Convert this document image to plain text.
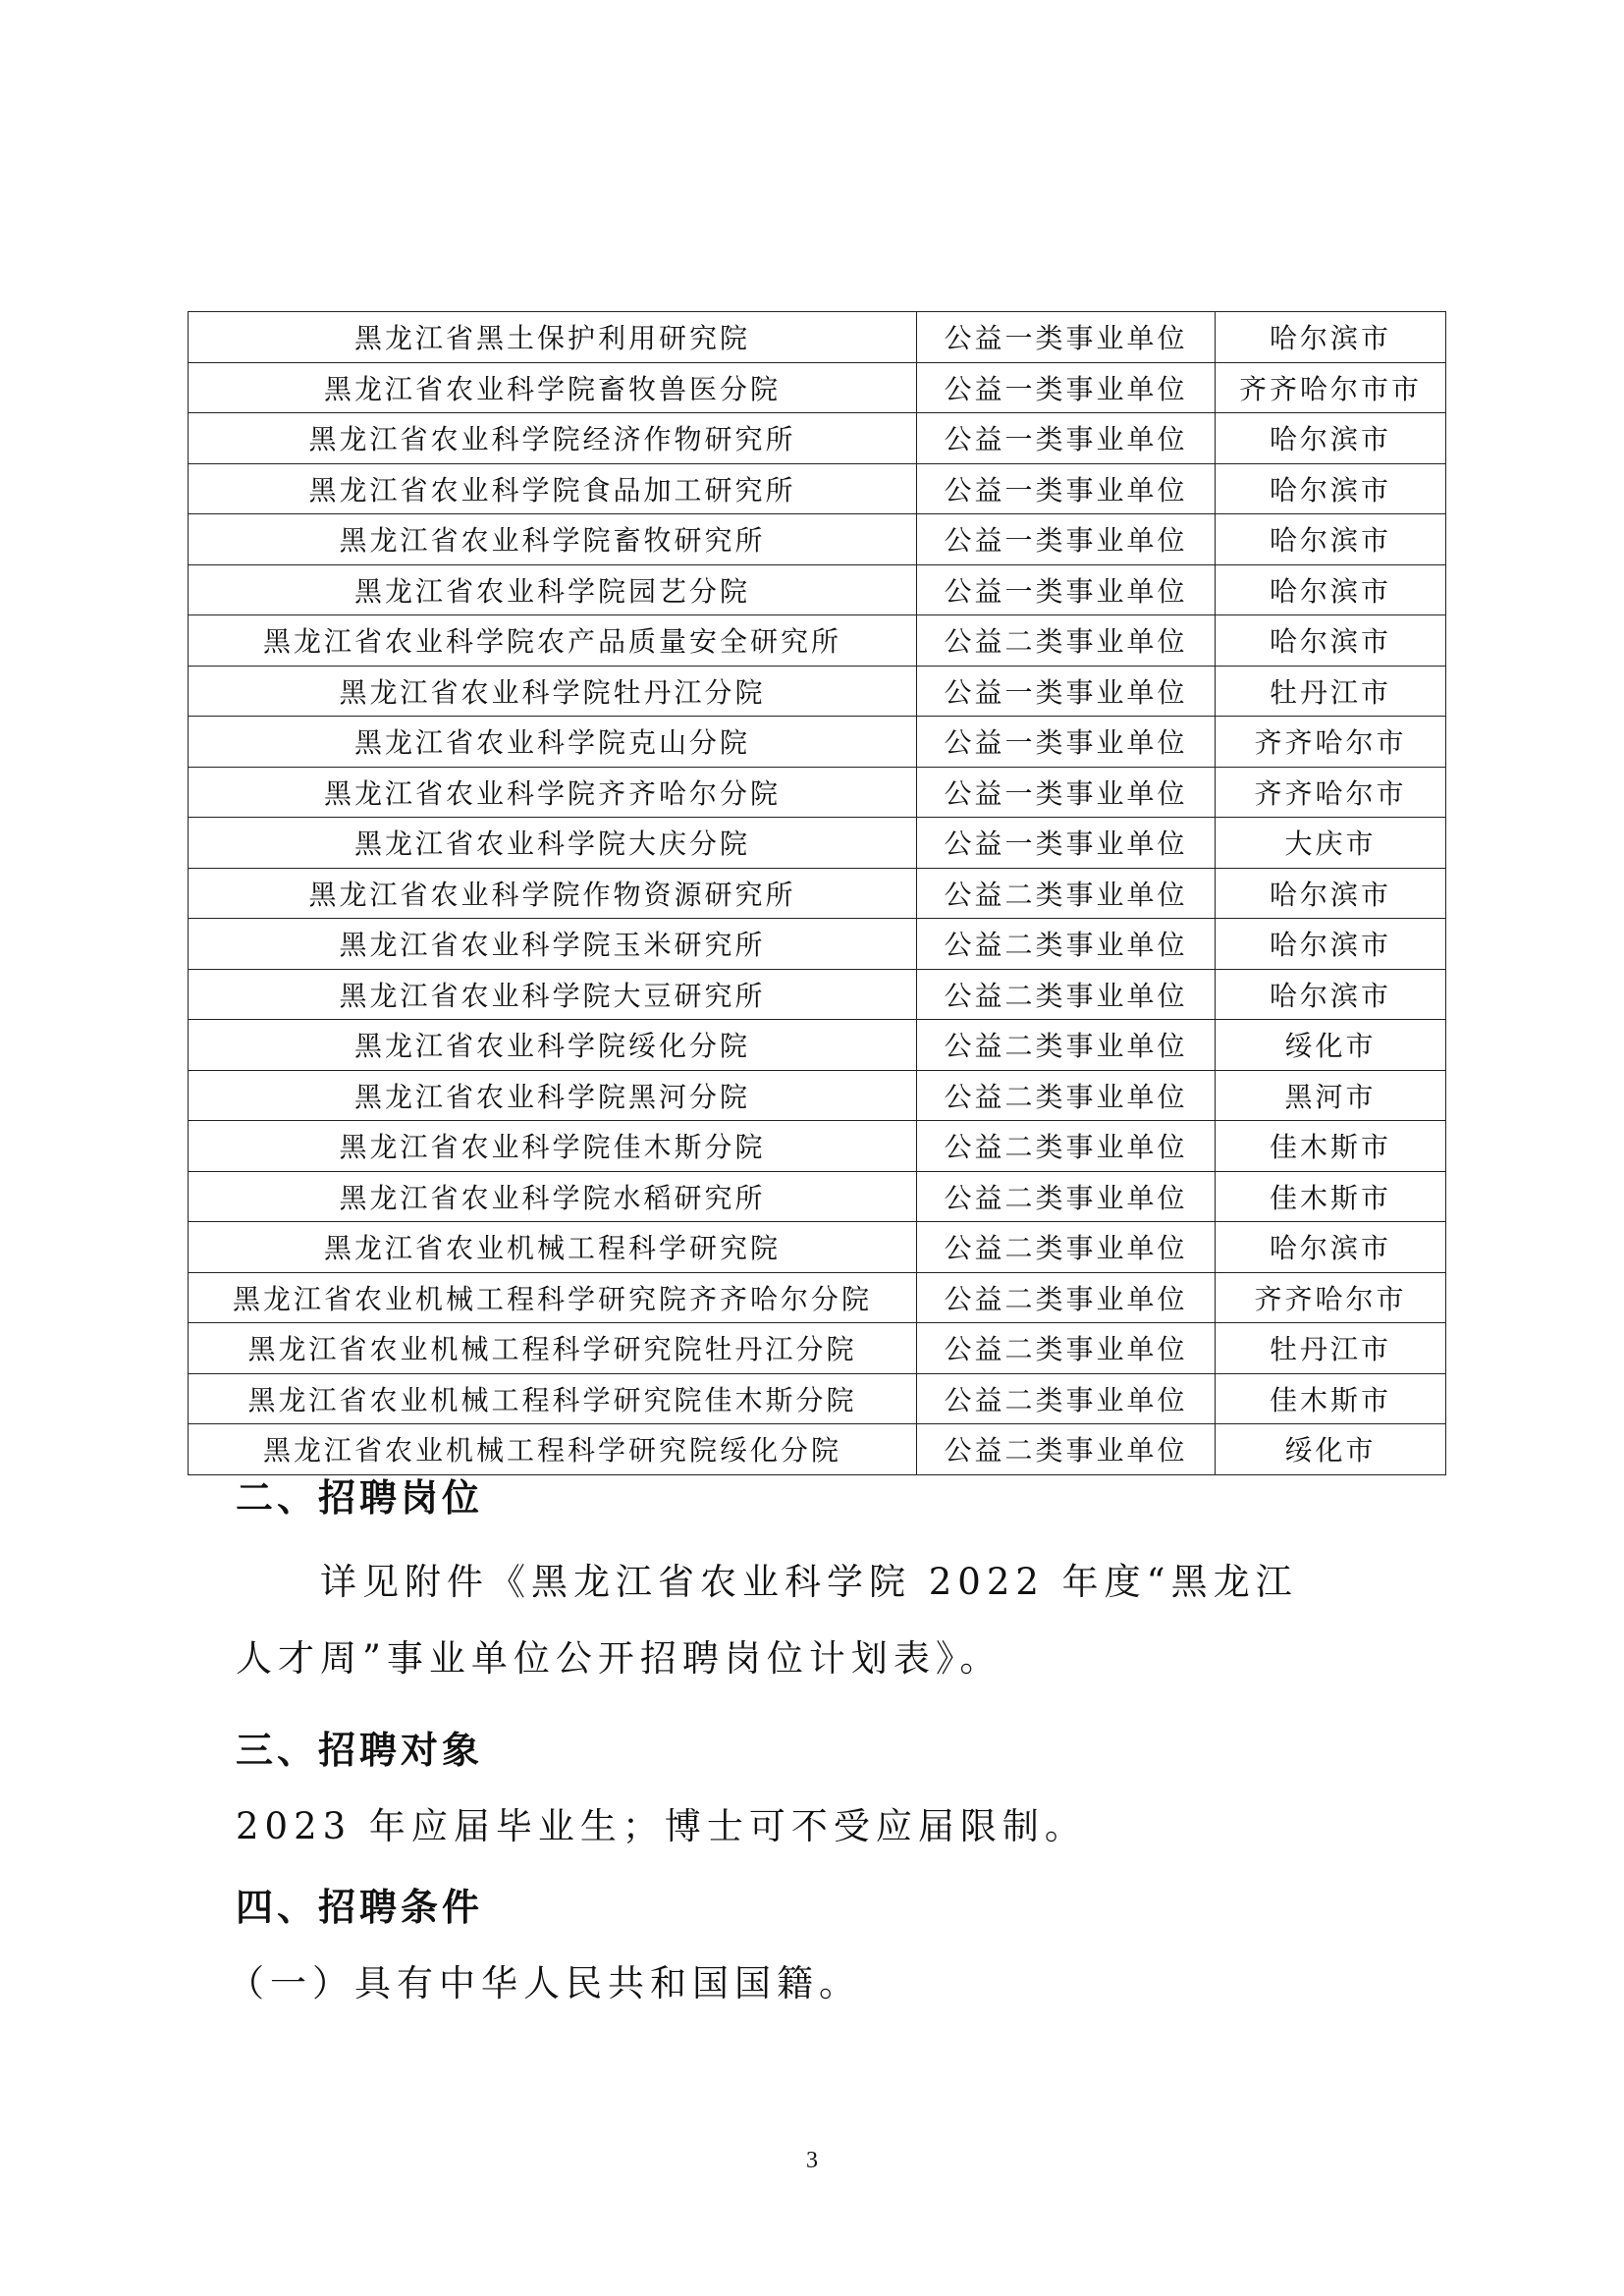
黑龙江省黑土保护利用研究院	公益一类事业单位	哈尔滨市
黑龙江省农业科学院畜牧兽医分院	公益一类事业单位	齐齐哈尔市市
黑龙江省农业科学院经济作物研究所	公益一类事业单位	哈尔滨市
黑龙江省农业科学院食品加工研究所	公益一类事业单位	哈尔滨市
黑龙江省农业科学院畜牧研究所	公益一类事业单位	哈尔滨市
黑龙江省农业科学院园艺分院	公益一类事业单位	哈尔滨市
黑龙江省农业科学院农产品质量安全研究所	公益二类事业单位	哈尔滨市
黑龙江省农业科学院牡丹江分院	公益一类事业单位	牡丹江市
黑龙江省农业科学院克山分院	公益一类事业单位	齐齐哈尔市
黑龙江省农业科学院齐齐哈尔分院	公益一类事业单位	齐齐哈尔市
黑龙江省农业科学院大庆分院	公益一类事业单位	大庆市
黑龙江省农业科学院作物资源研究所	公益二类事业单位	哈尔滨市
黑龙江省农业科学院玉米研究所	公益二类事业单位	哈尔滨市
黑龙江省农业科学院大豆研究所	公益二类事业单位	哈尔滨市
黑龙江省农业科学院绥化分院	公益二类事业单位	绥化市
黑龙江省农业科学院黑河分院	公益二类事业单位	黑河市
黑龙江省农业科学院佳木斯分院	公益二类事业单位	佳木斯市
黑龙江省农业科学院水稻研究所	公益二类事业单位	佳木斯市
黑龙江省农业机械工程科学研究院	公益二类事业单位	哈尔滨市
黑龙江省农业机械工程科学研究院齐齐哈尔分院	公益二类事业单位	齐齐哈尔市
黑龙江省农业机械工程科学研究院牡丹江分院	公益二类事业单位	牡丹江市
黑龙江省农业机械工程科学研究院佳木斯分院	公益二类事业单位	佳木斯市
黑龙江省农业机械工程科学研究院绥化分院	公益二类事业单位	绥化市
二、招聘岗位
详见附件《黑龙江省农业科学院 2022 年度“黑龙江人才周”事业单位公开招聘岗位计划表》。
三、招聘对象
2023 年应届毕业生；博士可不受应届限制。
四、招聘条件
（一）具有中华人民共和国国籍。
3
